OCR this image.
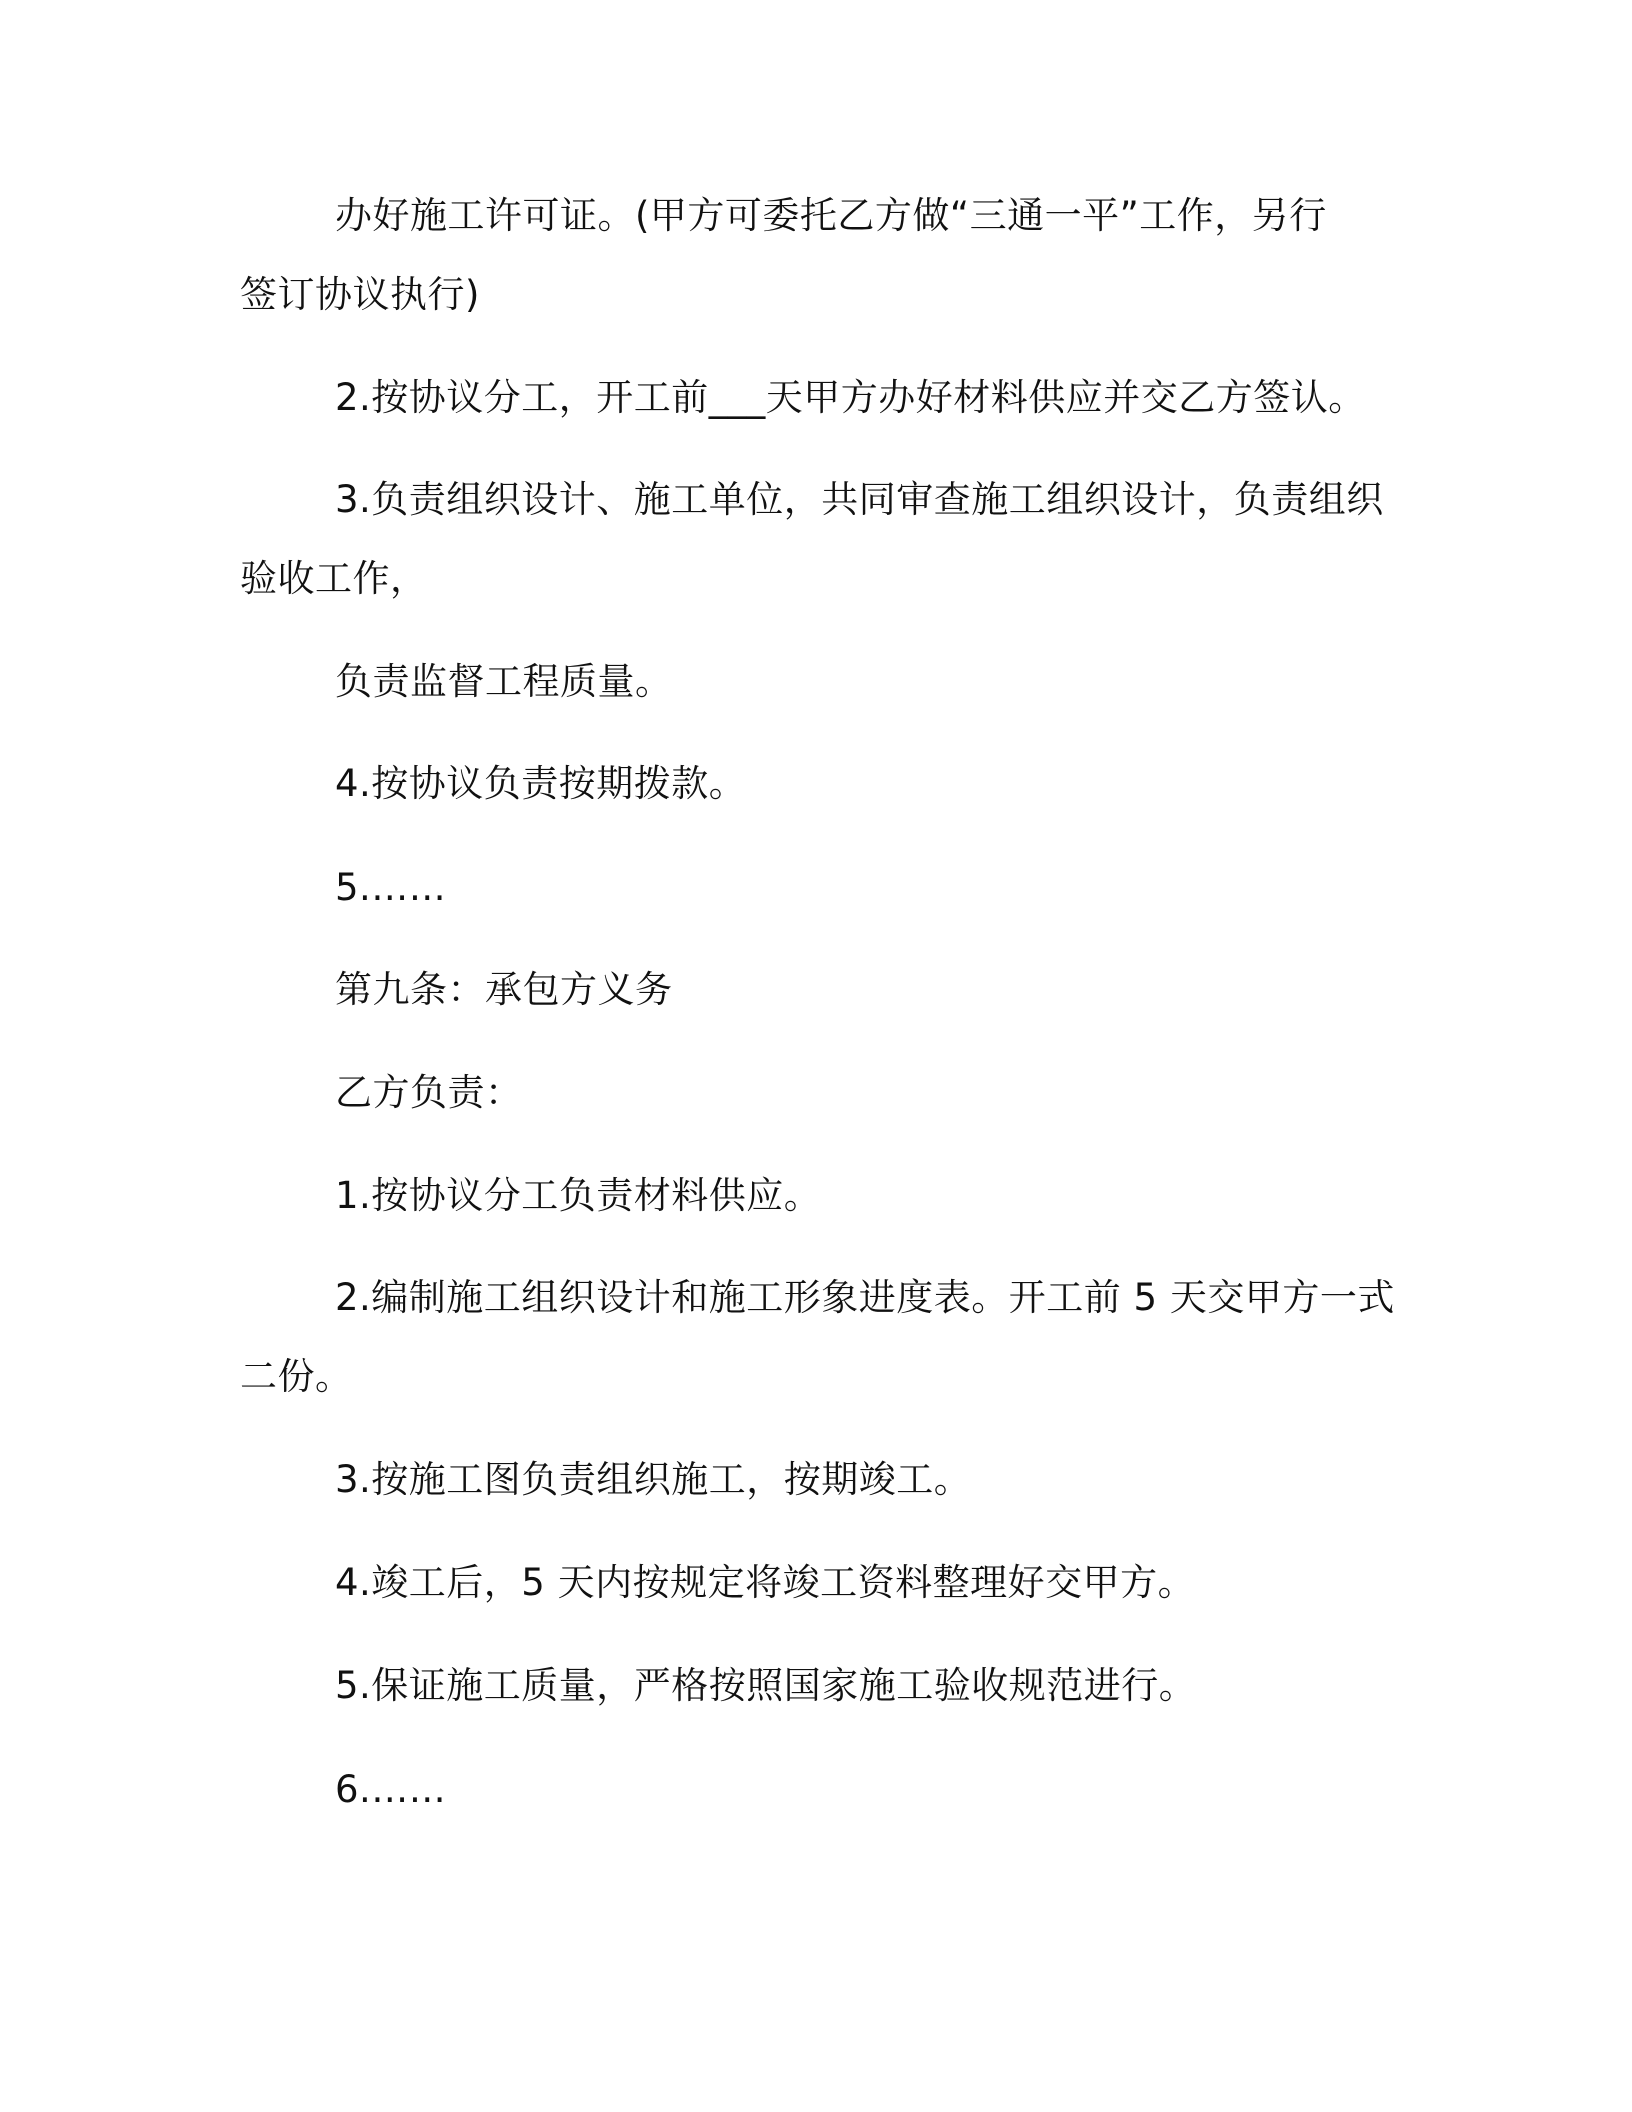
办好施工许可证。(甲方可委托乙方做“三通一平”工作，另行
签订协议执行)

2.按协议分工，开工前___天甲方办好材料供应并交乙方签认。

3.负责组织设计、施工单位，共同审查施工组织设计，负责组织
验收工作，

负责监督工程质量。

4.按协议负责按期拨款。

5.……

第九条：承包方义务

乙方负责：

1.按协议分工负责材料供应。

2.编制施工组织设计和施工形象进度表。开工前 5 天交甲方一式
二份。

3.按施工图负责组织施工，按期竣工。

4.竣工后，5 天内按规定将竣工资料整理好交甲方。

5.保证施工质量，严格按照国家施工验收规范进行。

6.……
